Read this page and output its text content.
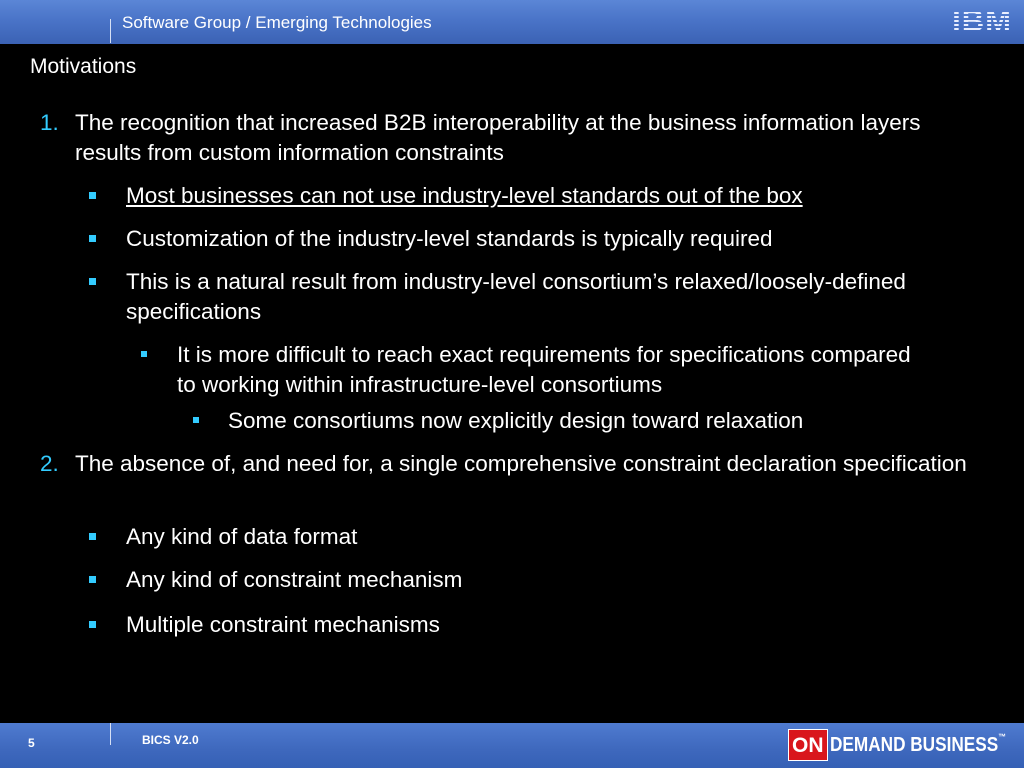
Software Group / Emerging Technologies	IBM
Motivations
1. The recognition that increased B2B interoperability at the business information layers results from custom information constraints
Most businesses can not use industry-level standards out of the box
Customization of the industry-level standards is typically required
This is a natural result from industry-level consortium’s relaxed/loosely-defined specifications
It is more difficult to reach exact requirements for specifications compared to working within infrastructure-level consortiums
Some consortiums now explicitly design toward relaxation
2. The absence of, and need for, a single comprehensive constraint declaration specification
Any kind of data format
Any kind of constraint mechanism
Multiple constraint mechanisms
5	BICS V2.0	ON DEMAND BUSINESS™
